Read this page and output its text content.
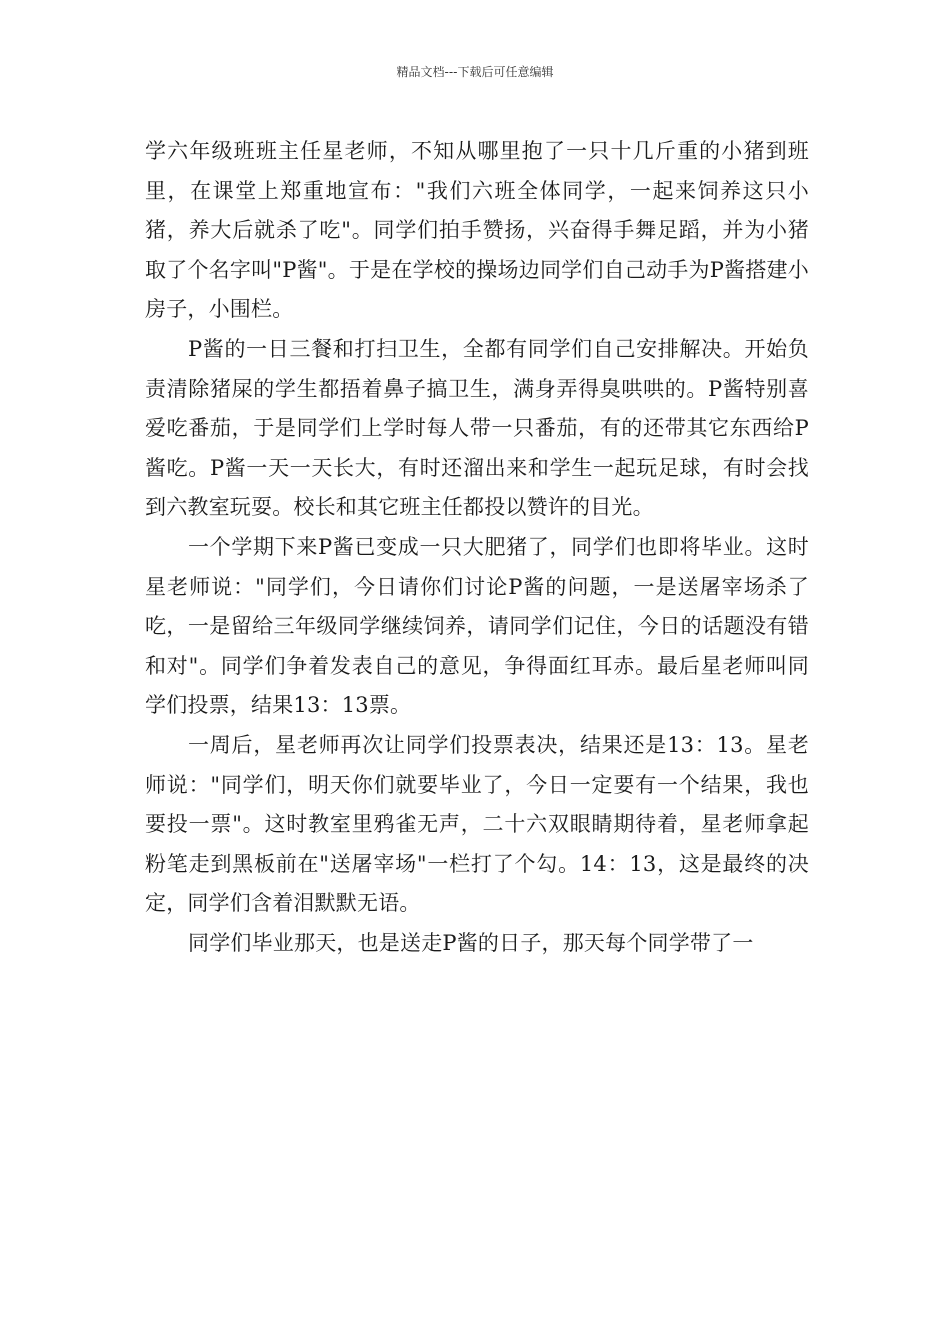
精品文档---下载后可任意编辑

学六年级班班主任星老师，不知从哪里抱了一只十几斤重的小猪到班里，在课堂上郑重地宣布："我们六班全体同学，一起来饲养这只小猪，养大后就杀了吃"。同学们拍手赞扬，兴奋得手舞足蹈，并为小猪取了个名字叫"P酱"。于是在学校的操场边同学们自己动手为P酱搭建小房子，小围栏。

P酱的一日三餐和打扫卫生，全都有同学们自己安排解决。开始负责清除猪屎的学生都捂着鼻子搞卫生，满身弄得臭哄哄的。P酱特别喜爱吃番茄，于是同学们上学时每人带一只番茄，有的还带其它东西给P酱吃。P酱一天一天长大，有时还溜出来和学生一起玩足球，有时会找到六教室玩耍。校长和其它班主任都投以赞许的目光。

一个学期下来P酱已变成一只大肥猪了，同学们也即将毕业。这时星老师说："同学们，今日请你们讨论P酱的问题，一是送屠宰场杀了吃，一是留给三年级同学继续饲养，请同学们记住，今日的话题没有错和对"。同学们争着发表自己的意见，争得面红耳赤。最后星老师叫同学们投票，结果13：13票。

一周后，星老师再次让同学们投票表决，结果还是13：13。星老师说："同学们，明天你们就要毕业了，今日一定要有一个结果，我也要投一票"。这时教室里鸦雀无声，二十六双眼睛期待着，星老师拿起粉笔走到黑板前在"送屠宰场"一栏打了个勾。14：13，这是最终的决定，同学们含着泪默默无语。

同学们毕业那天，也是送走P酱的日子，那天每个同学带了一
